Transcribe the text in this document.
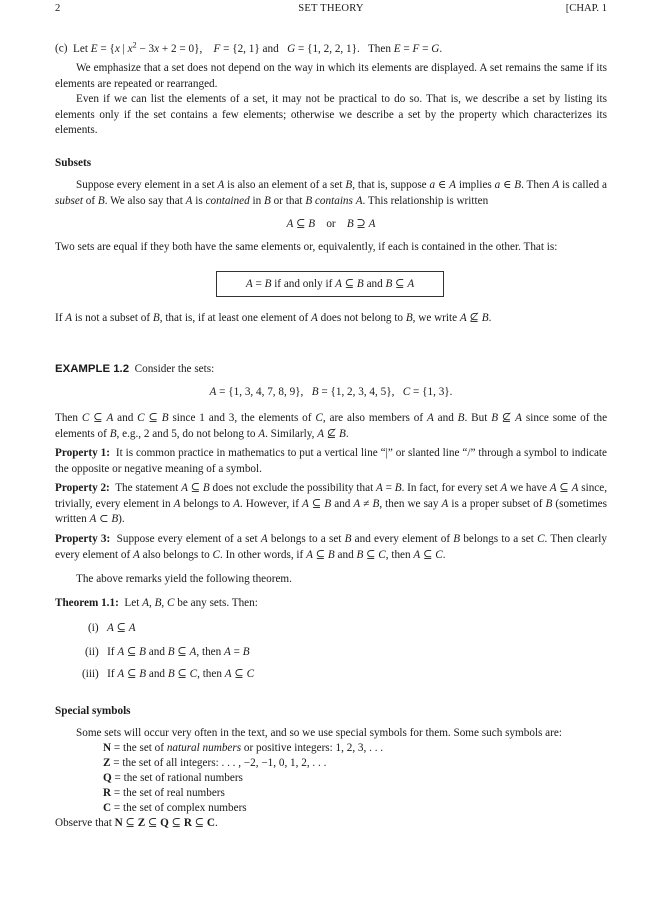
2	SET THEORY	[CHAP. 1
(c) Let E = {x | $x^2 - 3x + 2 = 0$},    F = {2, 1} and   G = {1, 2, 2, 1}.   Then E = F = G.
We emphasize that a set does not depend on the way in which its elements are displayed. A set remains the same if its elements are repeated or rearranged.
Even if we can list the elements of a set, it may not be practical to do so. That is, we describe a set by listing its elements only if the set contains a few elements; otherwise we describe a set by the property which characterizes its elements.
Subsets
Suppose every element in a set A is also an element of a set B, that is, suppose a ∈ A implies a ∈ B. Then A is called a subset of B. We also say that A is contained in B or that B contains A. This relationship is written
A ⊆ B    or    B ⊇ A
Two sets are equal if they both have the same elements or, equivalently, if each is contained in the other. That is:
A = B if and only if A ⊆ B and B ⊆ A
If A is not a subset of B, that is, if at least one element of A does not belong to B, we write A ⊈ B.
EXAMPLE 1.2 Consider the sets:
A = {1, 3, 4, 7, 8, 9},   B = {1, 2, 3, 4, 5},   C = {1, 3}.
Then C ⊆ A and C ⊆ B since 1 and 3, the elements of C, are also members of A and B. But B ⊈ A since some of the elements of B, e.g., 2 and 5, do not belong to A. Similarly, A ⊈ B.
Property 1: It is common practice in mathematics to put a vertical line “|” or slanted line “/” through a symbol to indicate the opposite or negative meaning of a symbol.
Property 2: The statement A ⊆ B does not exclude the possibility that A = B. In fact, for every set A we have A ⊆ A since, trivially, every element in A belongs to A. However, if A ⊆ B and A ≠ B, then we say A is a proper subset of B (sometimes written A ⊂ B).
Property 3: Suppose every element of a set A belongs to a set B and every element of B belongs to a set C. Then clearly every element of A also belongs to C. In other words, if A ⊆ B and B ⊆ C, then A ⊆ C.
The above remarks yield the following theorem.
Theorem 1.1: Let A, B, C be any sets. Then:
(i) A ⊆ A
(ii) If A ⊆ B and B ⊆ A, then A = B
(iii) If A ⊆ B and B ⊆ C, then A ⊆ C
Special symbols
Some sets will occur very often in the text, and so we use special symbols for them. Some such symbols are:
N = the set of natural numbers or positive integers: 1, 2, 3, . . .
Z = the set of all integers: . . . , −2, −1, 0, 1, 2, . . .
Q = the set of rational numbers
R = the set of real numbers
C = the set of complex numbers
Observe that N ⊆ Z ⊆ Q ⊆ R ⊆ C.
